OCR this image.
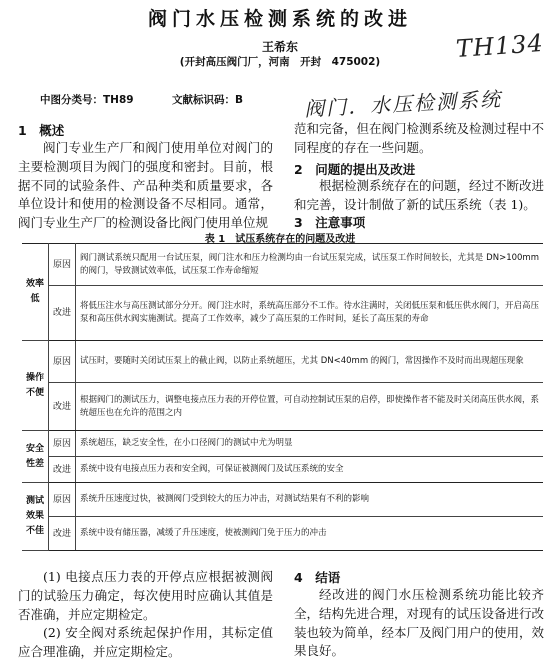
阀门水压检测系统的改进
TH134
王希东
(开封高压阀门厂，河南　开封　475002)
中图分类号：TH89	文献标识码：B	阀门．水压检测系统
1　概述
阀门专业生产厂和阀门使用单位对阀门的主要检测项目为阀门的强度和密封。目前，根据不同的试验条件、产品种类和质量要求，各单位设计和使用的检测设备不尽相同。通常，阀门专业生产厂的检测设备比阀门使用单位规
范和完备，但在阀门检测系统及检测过程中不同程度的存在一些问题。
2　问题的提出及改进
根据检测系统存在的问题，经过不断改进和完善，设计制做了新的试压系统（表 1)。
3　注意事项
表 1　试压系统存在的问题及改进
效率低	原因	阀门测试系统只配用一台试压泵，阀门注水和压力检测均由一台试压泵完成，试压泵工作时间较长，尤其是 DN>100mm 的阀门，导致测试效率低，试压泵工作寿命缩短
	改进	将低压注水与高压测试部分分开。阀门注水时，系统高压部分不工作。待水注满时，关闭低压泵和低压供水阀门，开启高压泵和高压供水阀实施测试。提高了工作效率，减少了高压泵的工作时间，延长了高压泵的寿命
操作不便	原因	试压时，要随时关闭试压泵上的截止阀，以防止系统超压，尤其 DN<40mm 的阀门，常因操作不及时而出现超压现象
	改进	根据阀门的测试压力，调整电接点压力表的开停位置，可自动控制试压泵的启停，即使操作者不能及时关闭高压供水阀，系统超压也在允许的范围之内
安全性差	原因	系统超压，缺乏安全性，在小口径阀门的测试中尤为明显
	改进	系统中设有电接点压力表和安全阀，可保证被测阀门及试压系统的安全
测试效果不佳	原因	系统升压速度过快，被测阀门受到较大的压力冲击，对测试结果有不利的影响
	改进	系统中设有储压器，减缓了升压速度，使被测阀门免于压力的冲击
(1) 电接点压力表的开停点应根据被测阀门的试验压力确定，每次使用时应确认其值是否准确，并应定期检定。
(2) 安全阀对系统起保护作用，其标定值应合理准确，并应定期检定。
4　结语
经改进的阀门水压检测系统功能比较齐全，结构先进合理，对现有的试压设备进行改装也较为简单，经本厂及阀门用户的使用，效果良好。
